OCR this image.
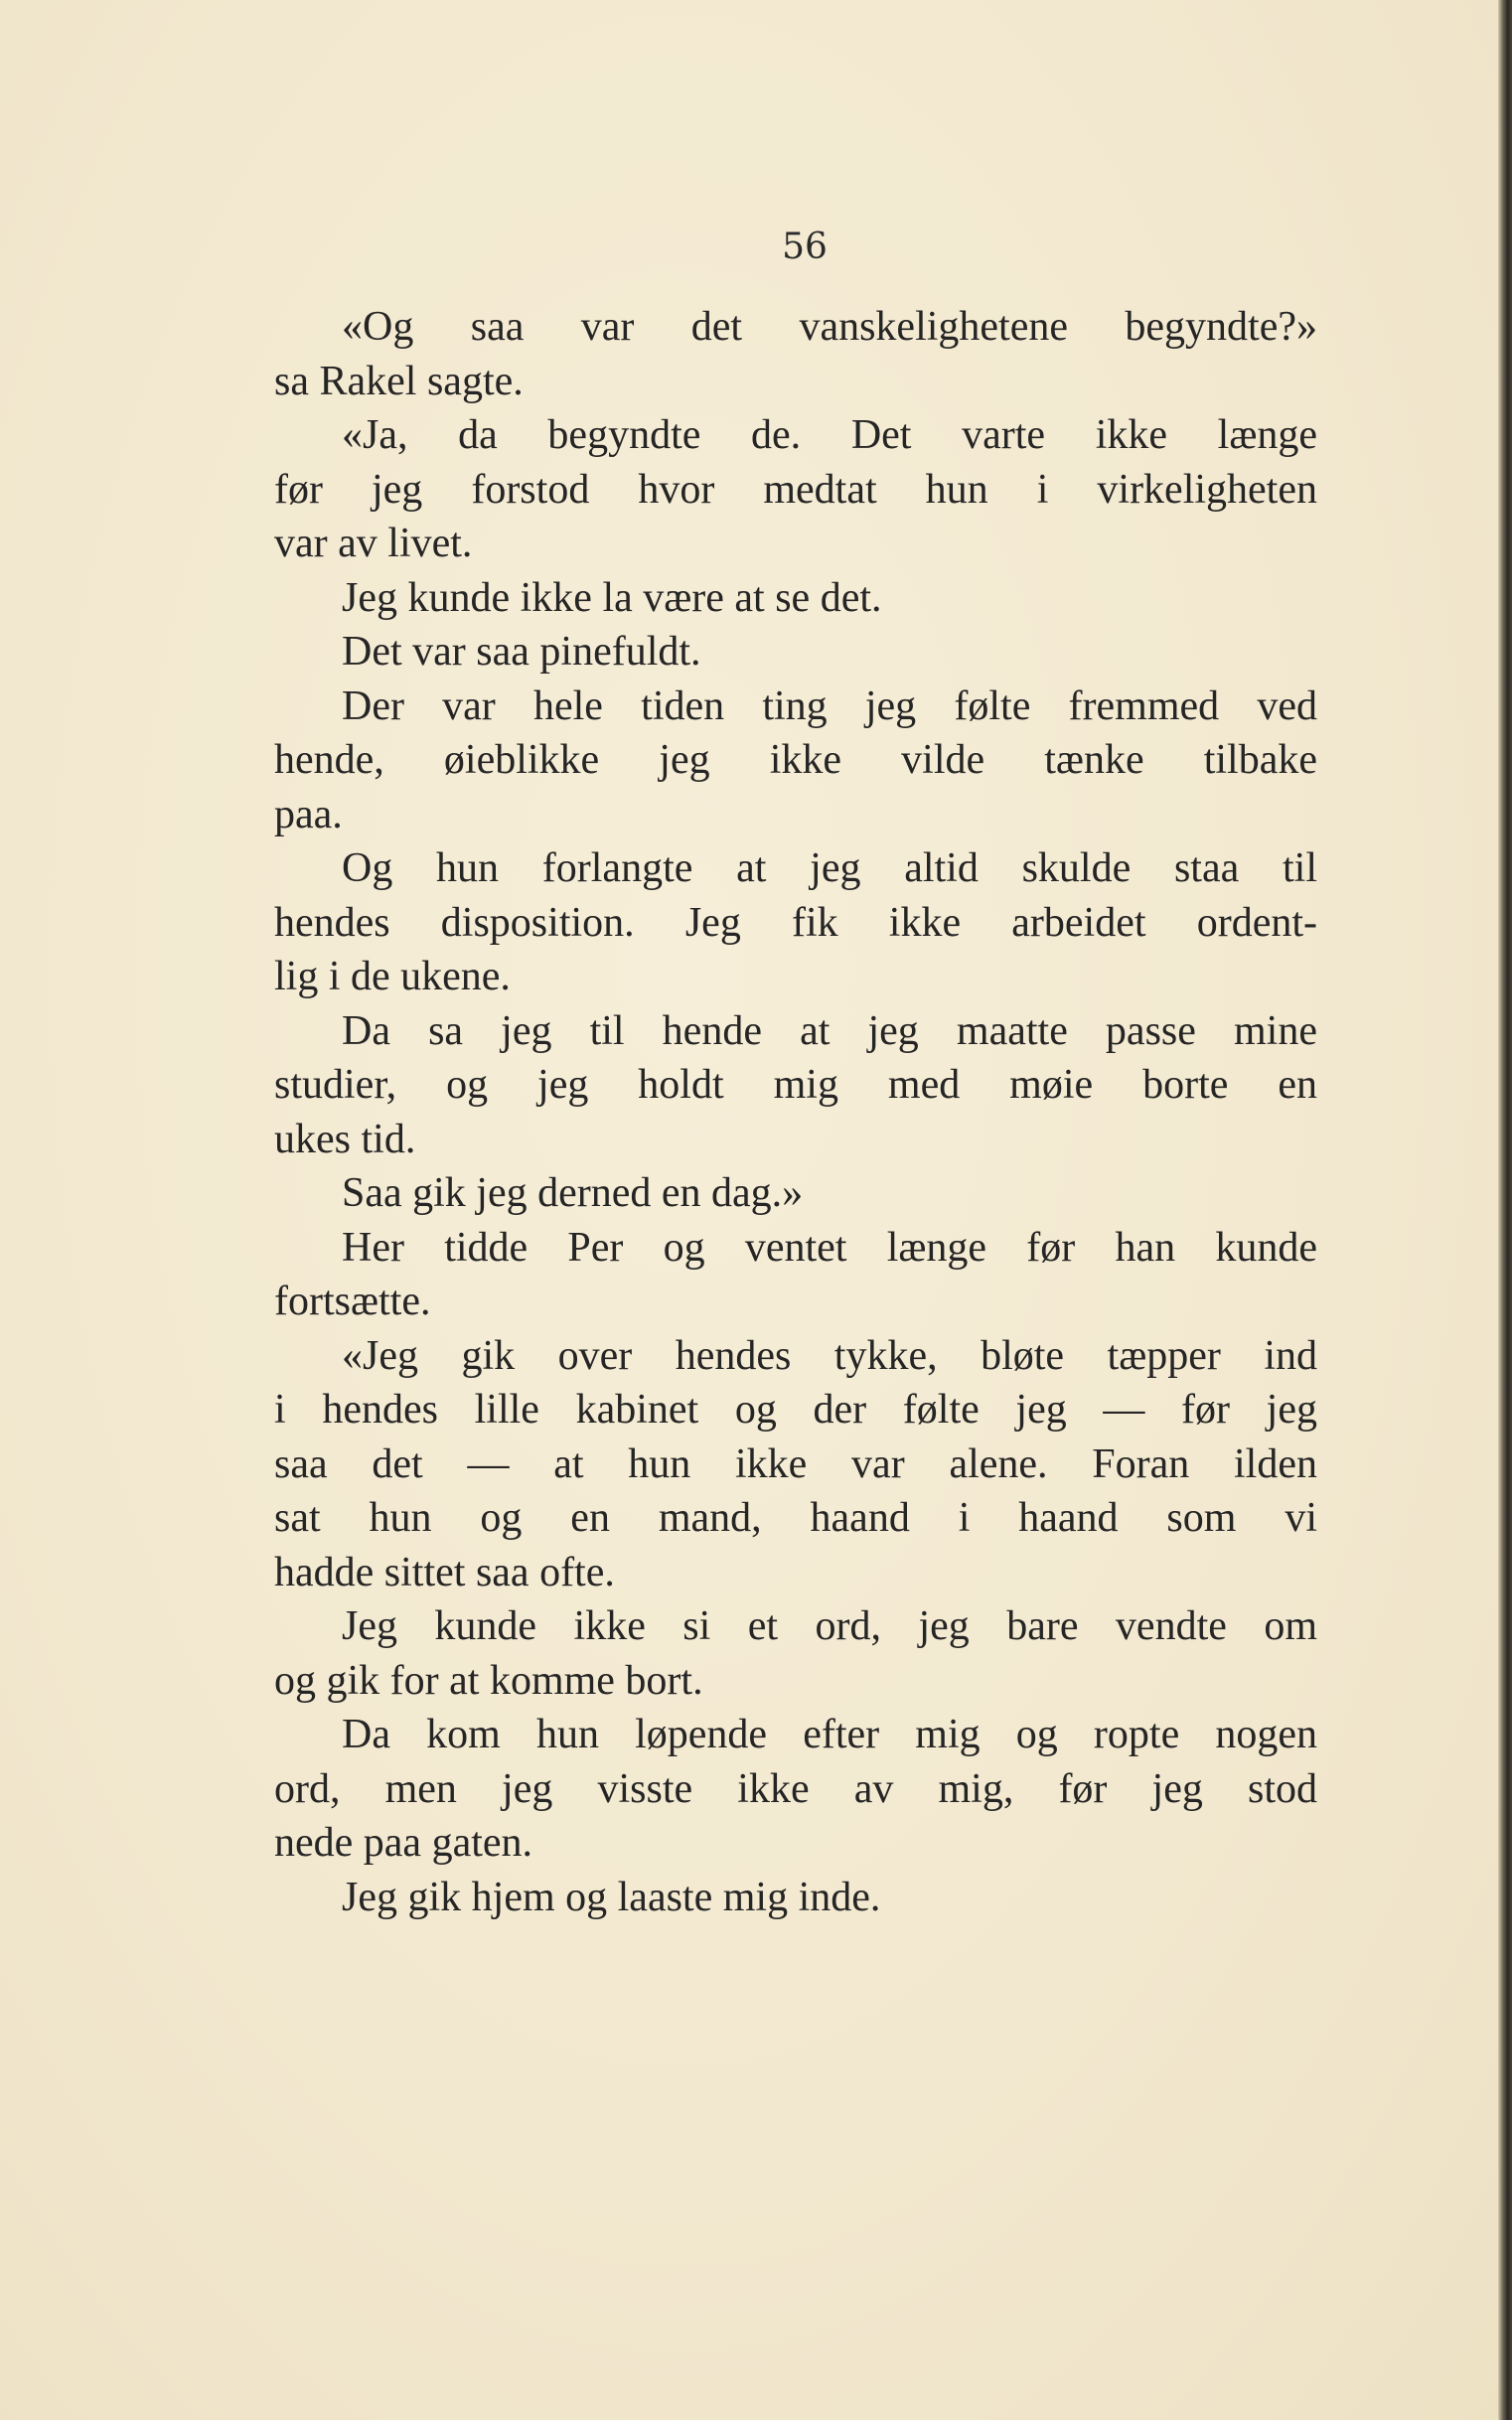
56
«Og saa var det vanskelighetene begyndte?»
sa Rakel sagte.
«Ja, da begyndte de. Det varte ikke længe
før jeg forstod hvor medtat hun i virkeligheten
var av livet.
Jeg kunde ikke la være at se det.
Det var saa pinefuldt.
Der var hele tiden ting jeg følte fremmed ved
hende, øieblikke jeg ikke vilde tænke tilbake
paa.
Og hun forlangte at jeg altid skulde staa til
hendes disposition. Jeg fik ikke arbeidet ordent-
lig i de ukene.
Da sa jeg til hende at jeg maatte passe mine
studier, og jeg holdt mig med møie borte en
ukes tid.
Saa gik jeg derned en dag.»
Her tidde Per og ventet længe før han kunde
fortsætte.
«Jeg gik over hendes tykke, bløte tæpper ind
i hendes lille kabinet og der følte jeg — før jeg
saa det — at hun ikke var alene. Foran ilden
sat hun og en mand, haand i haand som vi
hadde sittet saa ofte.
Jeg kunde ikke si et ord, jeg bare vendte om
og gik for at komme bort.
Da kom hun løpende efter mig og ropte nogen
ord, men jeg visste ikke av mig, før jeg stod
nede paa gaten.
Jeg gik hjem og laaste mig inde.
